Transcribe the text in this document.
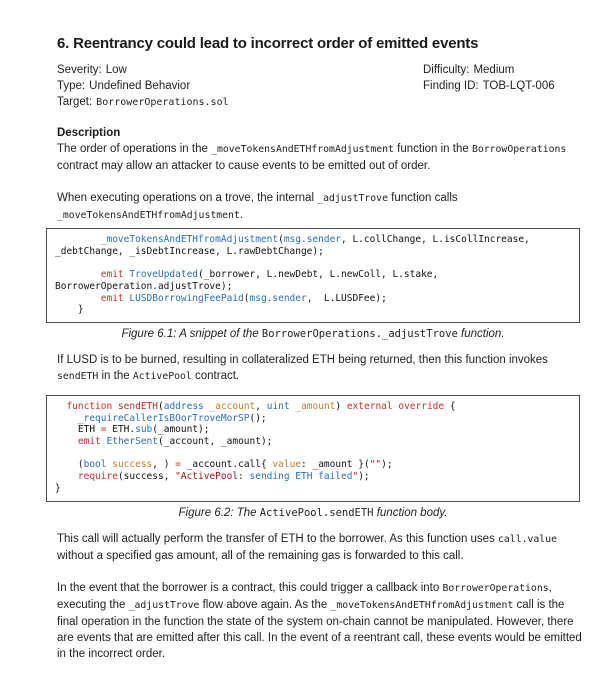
6. Reentrancy could lead to incorrect order of emitted events
Severity: Low
Type: Undefined Behavior
Target: BorrowerOperations.sol
Difficulty: Medium
Finding ID: TOB-LQT-006
Description

The order of operations in the _moveTokensAndETHfromAdjustment function in the BorrowOperations contract may allow an attacker to cause events to be emitted out of order.

When executing operations on a trove, the internal _adjustTrove function calls _moveTokensAndETHfromAdjustment.

_moveTokensAndETHfromAdjustment(msg.sender, L.collChange, L.isCollIncrease,
_debtChange, _isDebtIncrease, L.rawDebtChange);

emit TroveUpdated(_borrower, L.newDebt, L.newColl, L.stake,
BorrowerOperation.adjustTrove);
emit LUSDBorrowingFeePaid(msg.sender,  L.LUSDFee);
}
Figure 6.1: A snippet of the BorrowerOperations._adjustTrove function.

If LUSD is to be burned, resulting in collateralized ETH being returned, then this function invokes sendETH in the ActivePool contract.

function sendETH(address _account, uint _amount) external override {
_requireCallerIsBOorTroveMorSP();
ETH = ETH.sub(_amount);
emit EtherSent(_account, _amount);

(bool success, ) = _account.call{ value: _amount }("");
require(success, "ActivePool: sending ETH failed");
}
Figure 6.2: The ActivePool.sendETH function body.

This call will actually perform the transfer of ETH to the borrower. As this function uses call.value without a specified gas amount, all of the remaining gas is forwarded to this call.

In the event that the borrower is a contract, this could trigger a callback into BorrowerOperations, executing the _adjustTrove flow above again. As the _moveTokensAndETHfromAdjustment call is the final operation in the function the state of the system on-chain cannot be manipulated. However, there are events that are emitted after this call. In the event of a reentrant call, these events would be emitted in the incorrect order.
